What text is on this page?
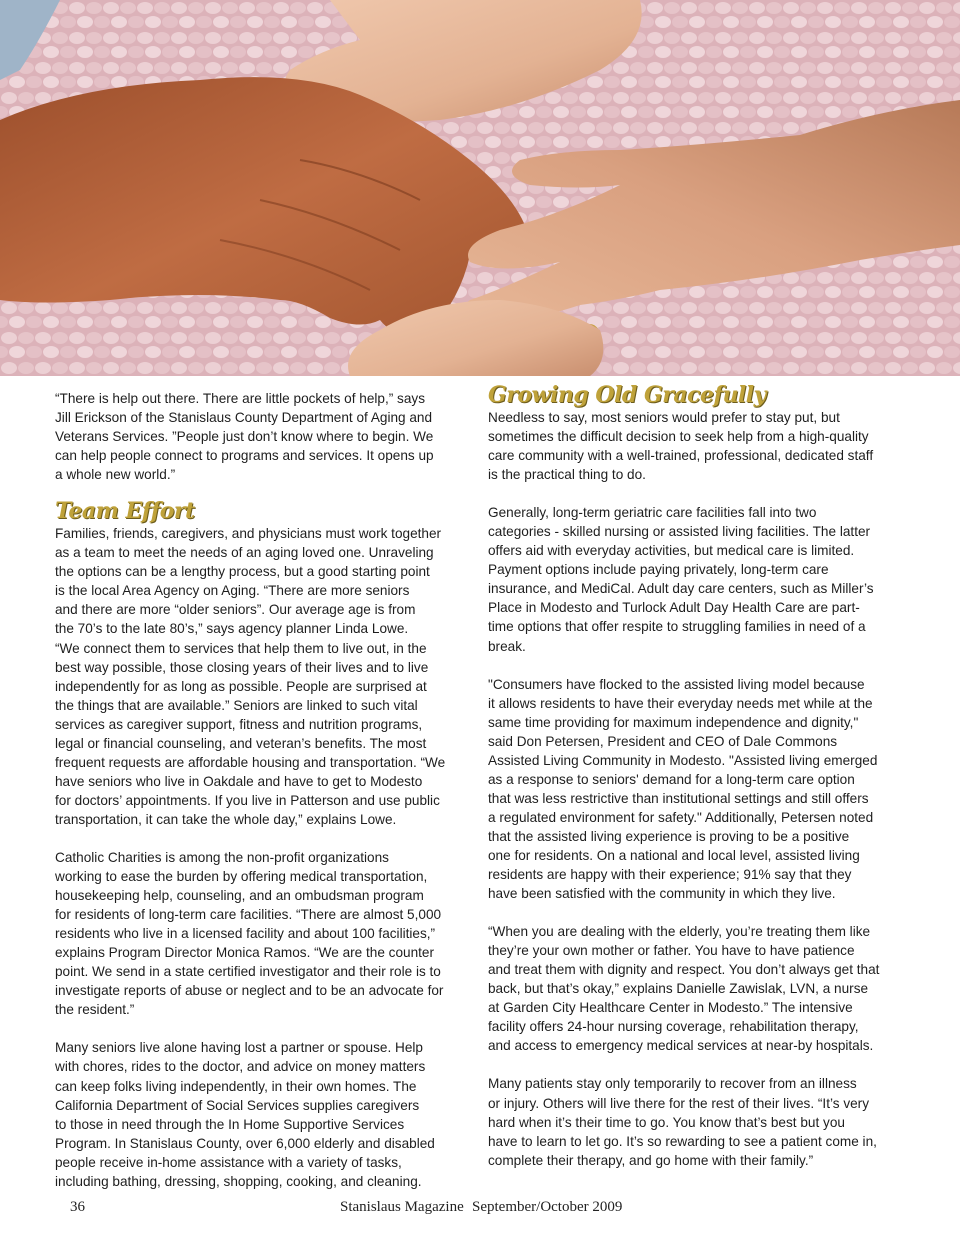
“There is help out there. There are little pockets of help,” says
Jill Erickson of the Stanislaus County Department of Aging and
Veterans Services. ”People just don’t know where to begin. We
can help people connect to programs and services. It opens up
a whole new world.”

Team Effort

Families, friends, caregivers, and physicians must work together
as a team to meet the needs of an aging loved one. Unraveling
the options can be a lengthy process, but a good starting point
is the local Area Agency on Aging. “There are more seniors
and there are more “older seniors”. Our average age is from
the 70’s to the late 80’s,” says agency planner Linda Lowe.
“We connect them to services that help them to live out, in the
best way possible, those closing years of their lives and to live
independently for as long as possible. People are surprised at
the things that are available.” Seniors are linked to such vital
services as caregiver support, fitness and nutrition programs,
legal or financial counseling, and veteran’s benefits. The most
frequent requests are affordable housing and transportation. “We
have seniors who live in Oakdale and have to get to Modesto
for doctors’ appointments. If you live in Patterson and use public
transportation, it can take the whole day,” explains Lowe.

Catholic Charities is among the non-profit organizations
working to ease the burden by offering medical transportation,
housekeeping help, counseling, and an ombudsman program
for residents of long-term care facilities. “There are almost 5,000
residents who live in a licensed facility and about 100 facilities,”
explains Program Director Monica Ramos. “We are the counter
point. We send in a state certified investigator and their role is to
investigate reports of abuse or neglect and to be an advocate for
the resident.”

Many seniors live alone having lost a partner or spouse. Help
with chores, rides to the doctor, and advice on money matters
can keep folks living independently, in their own homes. The
California Department of Social Services supplies caregivers
to those in need through the In Home Supportive Services
Program. In Stanislaus County, over 6,000 elderly and disabled
people receive in-home assistance with a variety of tasks,
including bathing, dressing, shopping, cooking, and cleaning.

Growing Old Gracefully

Needless to say, most seniors would prefer to stay put, but
sometimes the difficult decision to seek help from a high-quality
care community with a well-trained, professional, dedicated staff
is the practical thing to do.

Generally, long-term geriatric care facilities fall into two
categories - skilled nursing or assisted living facilities. The latter
offers aid with everyday activities, but medical care is limited.
Payment options include paying privately, long-term care
insurance, and MediCal. Adult day care centers, such as Miller’s
Place in Modesto and Turlock Adult Day Health Care are part-
time options that offer respite to struggling families in need of a
break.

"Consumers have flocked to the assisted living model because
it allows residents to have their everyday needs met while at the
same time providing for maximum independence and dignity,"
said Don Petersen, President and CEO of Dale Commons
Assisted Living Community in Modesto. "Assisted living emerged
as a response to seniors' demand for a long-term care option
that was less restrictive than institutional settings and still offers
a regulated environment for safety." Additionally, Petersen noted
that the assisted living experience is proving to be a positive
one for residents. On a national and local level, assisted living
residents are happy with their experience; 91% say that they
have been satisfied with the community in which they live.

“When you are dealing with the elderly, you’re treating them like
they’re your own mother or father. You have to have patience
and treat them with dignity and respect. You don’t always get that
back, but that’s okay,” explains Danielle Zawislak, LVN, a nurse
at Garden City Healthcare Center in Modesto.” The intensive
facility offers 24-hour nursing coverage, rehabilitation therapy,
and access to emergency medical services at near-by hospitals.

Many patients stay only temporarily to recover from an illness
or injury. Others will live there for the rest of their lives. “It’s very
hard when it’s their time to go. You know that’s best but you
have to learn to let go. It’s so rewarding to see a patient come in,
complete their therapy, and go home with their family.”

36	Stanislaus Magazine September/October 2009
